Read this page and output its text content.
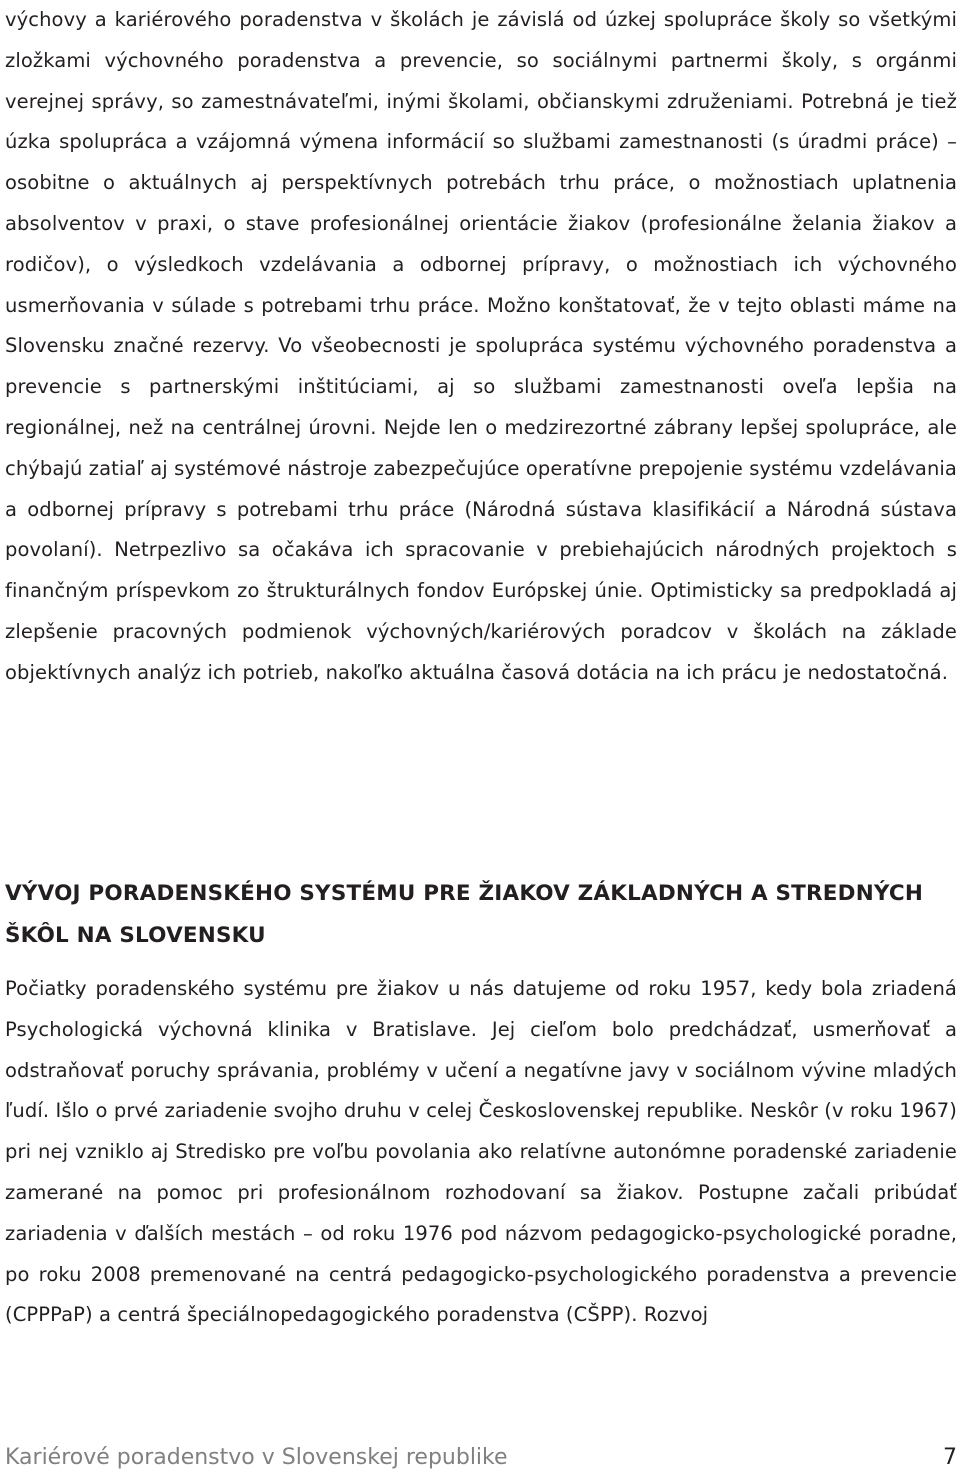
výchovy a kariérového poradenstva v školách je závislá od úzkej spolupráce školy so všetkými zložkami výchovného poradenstva a prevencie, so sociálnymi partnermi školy, s orgánmi verejnej správy, so zamestnávateľmi, inými školami, občianskymi združeniami. Potrebná je tiež úzka spolupráca a vzájomná výmena informácií so službami zamestnanosti (s úradmi práce) – osobitne o aktuálnych aj perspektívnych potrebách trhu práce, o možnostiach uplatnenia absolventov v praxi, o stave profesionálnej orientácie žiakov (profesionálne želania žiakov a rodičov), o výsledkoch vzdelávania a odbornej prípravy, o možnostiach ich výchovného usmerňovania v súlade s potrebami trhu práce. Možno konštatovať, že v tejto oblasti máme na Slovensku značné rezervy. Vo všeobecnosti je spolupráca systému výchovného poradenstva a prevencie s partnerskými inštitúciami, aj so službami zamestnanosti oveľa lepšia na regionálnej, než na centrálnej úrovni. Nejde len o medzirezortné zábrany lepšej spolupráce, ale chýbajú zatiaľ aj systémové nástroje zabezpečujúce operatívne prepojenie systému vzdelávania a odbornej prípravy s potrebami trhu práce (Národná sústava klasifikácií a Národná sústava povolaní). Netrpezlivo sa očakáva ich spracovanie v prebiehajúcich národných projektoch s finančným príspevkom zo štrukturálnych fondov Európskej únie. Optimisticky sa predpokladá aj zlepšenie pracovných podmienok výchovných/kariérových poradcov v školách na základe objektívnych analýz ich potrieb, nakoľko aktuálna časová dotácia na ich prácu je nedostatočná.

VÝVOJ PORADENSKÉHO SYSTÉMU PRE ŽIAKOV ZÁKLADNÝCH A STREDNÝCH
ŠKÔL NA SLOVENSKU

Počiatky poradenského systému pre žiakov u nás datujeme od roku 1957, kedy bola zriadená Psychologická výchovná klinika v Bratislave. Jej cieľom bolo predchádzať, usmerňovať a odstraňovať poruchy správania, problémy v učení a negatívne javy v sociálnom vývine mladých ľudí. Išlo o prvé zariadenie svojho druhu v celej Československej republike. Neskôr (v roku 1967) pri nej vzniklo aj Stredisko pre voľbu povolania ako relatívne autonómne poradenské zariadenie zamerané na pomoc pri profesionálnom rozhodovaní sa žiakov. Postupne začali pribúdať zariadenia v ďalších mestách – od roku 1976 pod názvom pedagogicko-psychologické poradne, po roku 2008 premenované na centrá pedagogicko-psychologického poradenstva a prevencie (CPPPaP) a centrá špeciálnopedagogického poradenstva (CŠPP). Rozvoj

Kariérové poradenstvo v Slovenskej republike	7
